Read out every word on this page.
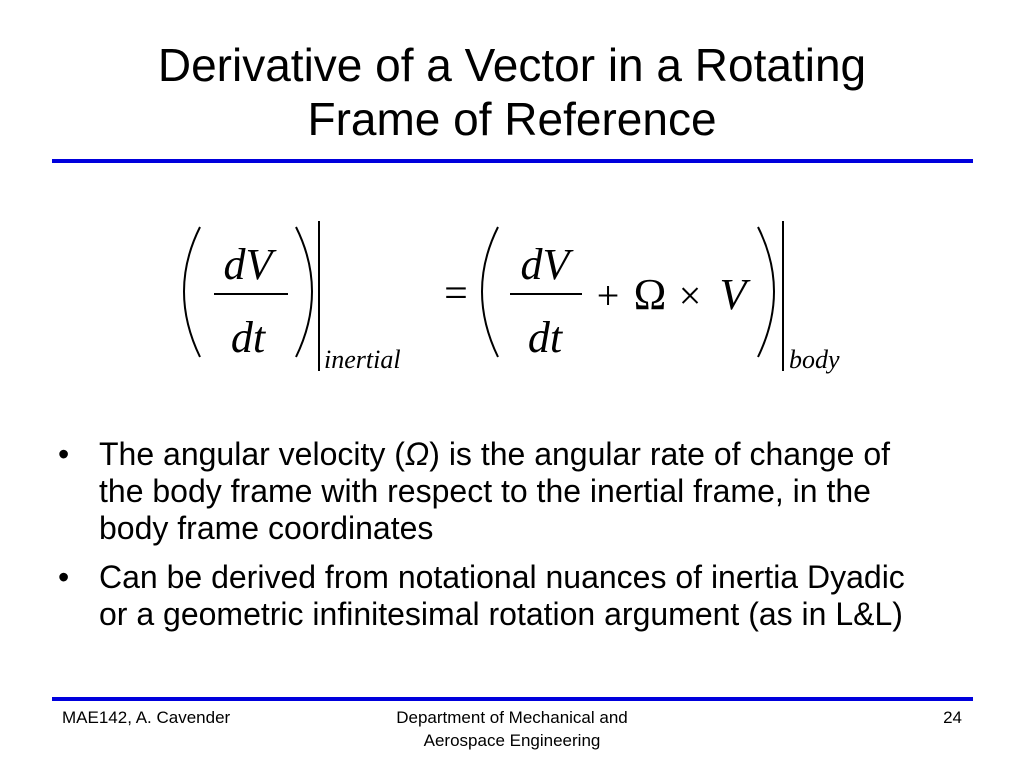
Derivative of a Vector in a Rotating
Frame of Reference
dV
dt inertial
=
dV
dt
+ Ω × V
body
• The angular velocity (Ω) is the angular rate of change of the body frame with respect to the inertial frame, in the body frame coordinates
• Can be derived from notational nuances of inertia Dyadic or a geometric infinitesimal rotation argument (as in L&L)
MAE142, A. Cavender	Department of Mechanical and
Aerospace Engineering
24
